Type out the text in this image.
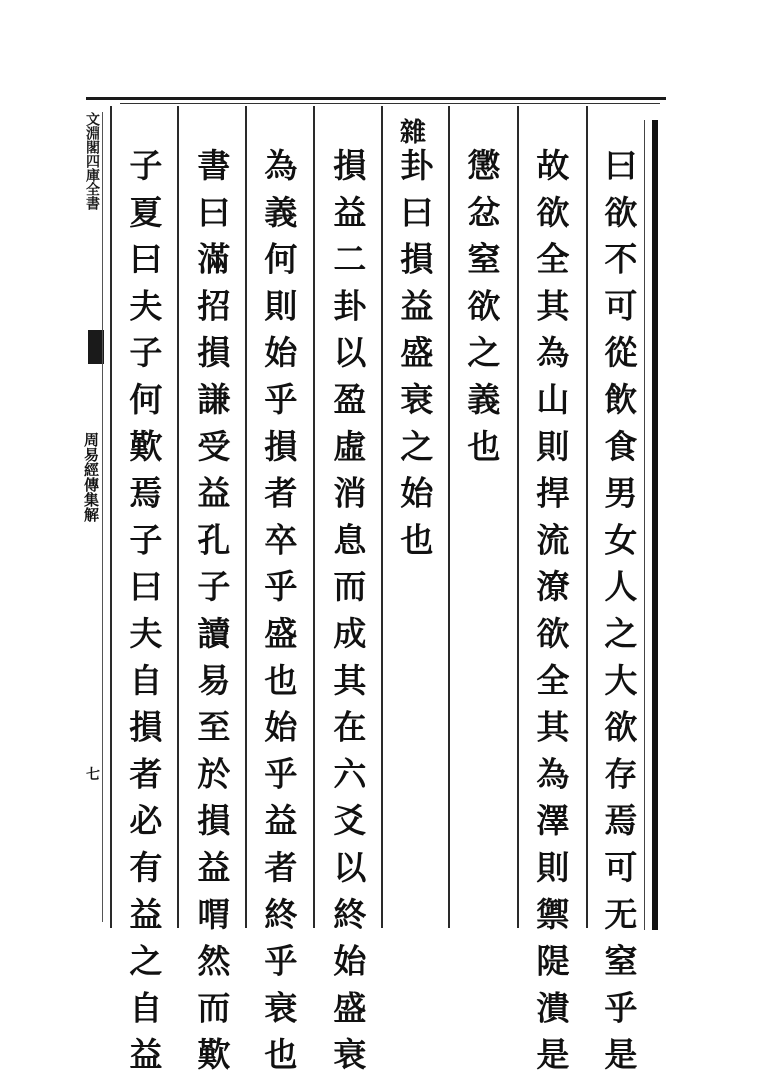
文淵閣四庫全書
周易經傳集解
七
雜
曰欲不可從飲食男女人之大欲存焉可无窒乎是
故欲全其為山則捍流潦欲全其為澤則禦隄潰是
懲忿窒欲之義也
卦曰損益盛衰之始也
損益二卦以盈虛消息而成其在六爻以終始盛衰
為義何則始乎損者卒乎盛也始乎益者終乎衰也
書曰滿招損謙受益孔子讀易至於損益喟然而歎
子夏曰夫子何歎焉子曰夫自損者必有益之自益
